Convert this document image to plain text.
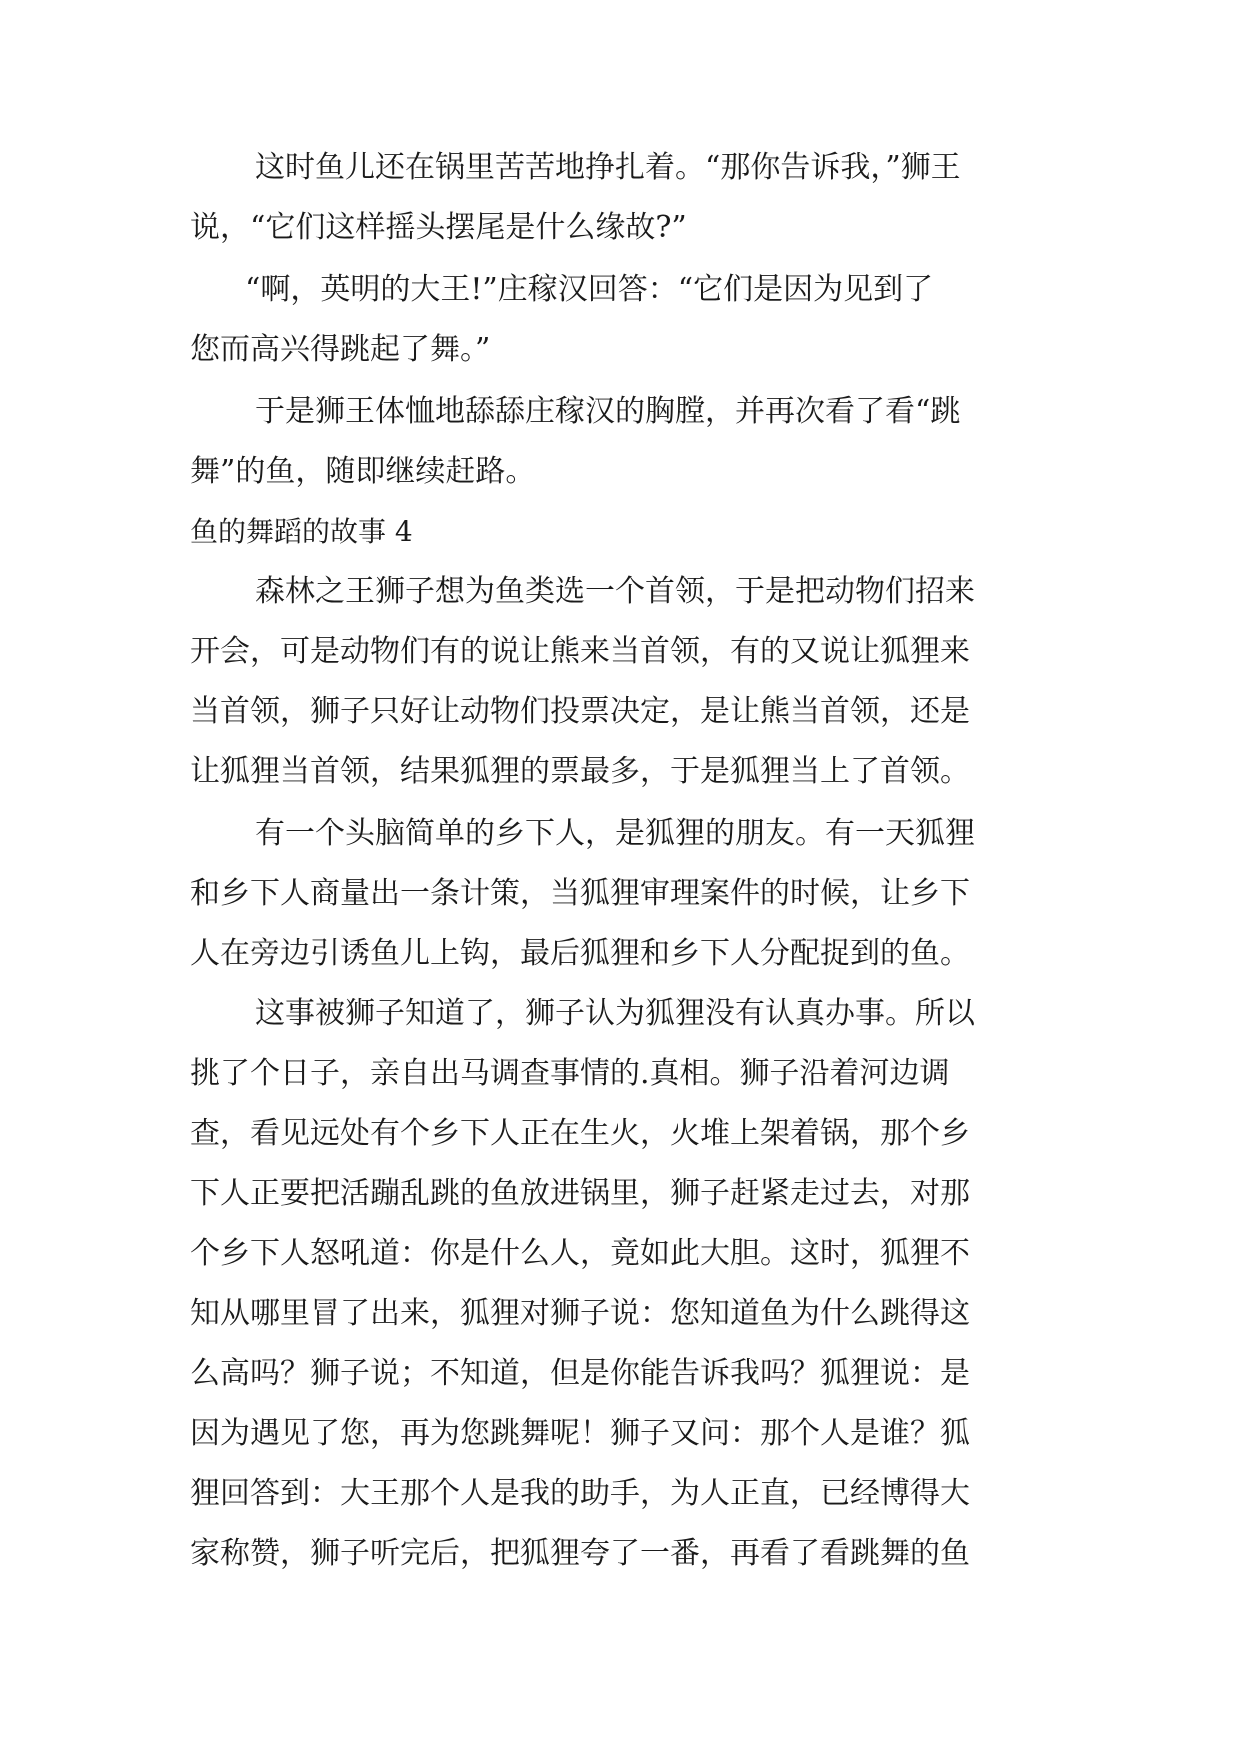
这时鱼儿还在锅里苦苦地挣扎着。“那你告诉我，”狮王
说，“它们这样摇头摆尾是什么缘故?”
“啊，英明的大王!”庄稼汉回答：“它们是因为见到了
您而高兴得跳起了舞。”
于是狮王体恤地舔舔庄稼汉的胸膛，并再次看了看“跳
舞”的鱼，随即继续赶路。
鱼的舞蹈的故事 4
森林之王狮子想为鱼类选一个首领，于是把动物们招来
开会，可是动物们有的说让熊来当首领，有的又说让狐狸来
当首领，狮子只好让动物们投票决定，是让熊当首领，还是
让狐狸当首领，结果狐狸的票最多，于是狐狸当上了首领。
有一个头脑简单的乡下人，是狐狸的朋友。有一天狐狸
和乡下人商量出一条计策，当狐狸审理案件的时候，让乡下
人在旁边引诱鱼儿上钩，最后狐狸和乡下人分配捉到的鱼。
这事被狮子知道了，狮子认为狐狸没有认真办事。所以
挑了个日子，亲自出马调查事情的.真相。狮子沿着河边调
查，看见远处有个乡下人正在生火，火堆上架着锅，那个乡
下人正要把活蹦乱跳的鱼放进锅里，狮子赶紧走过去，对那
个乡下人怒吼道：你是什么人，竟如此大胆。这时，狐狸不
知从哪里冒了出来，狐狸对狮子说：您知道鱼为什么跳得这
么高吗？狮子说；不知道，但是你能告诉我吗？狐狸说：是
因为遇见了您，再为您跳舞呢！狮子又问：那个人是谁？狐
狸回答到：大王那个人是我的助手，为人正直，已经博得大
家称赞，狮子听完后，把狐狸夸了一番，再看了看跳舞的鱼
